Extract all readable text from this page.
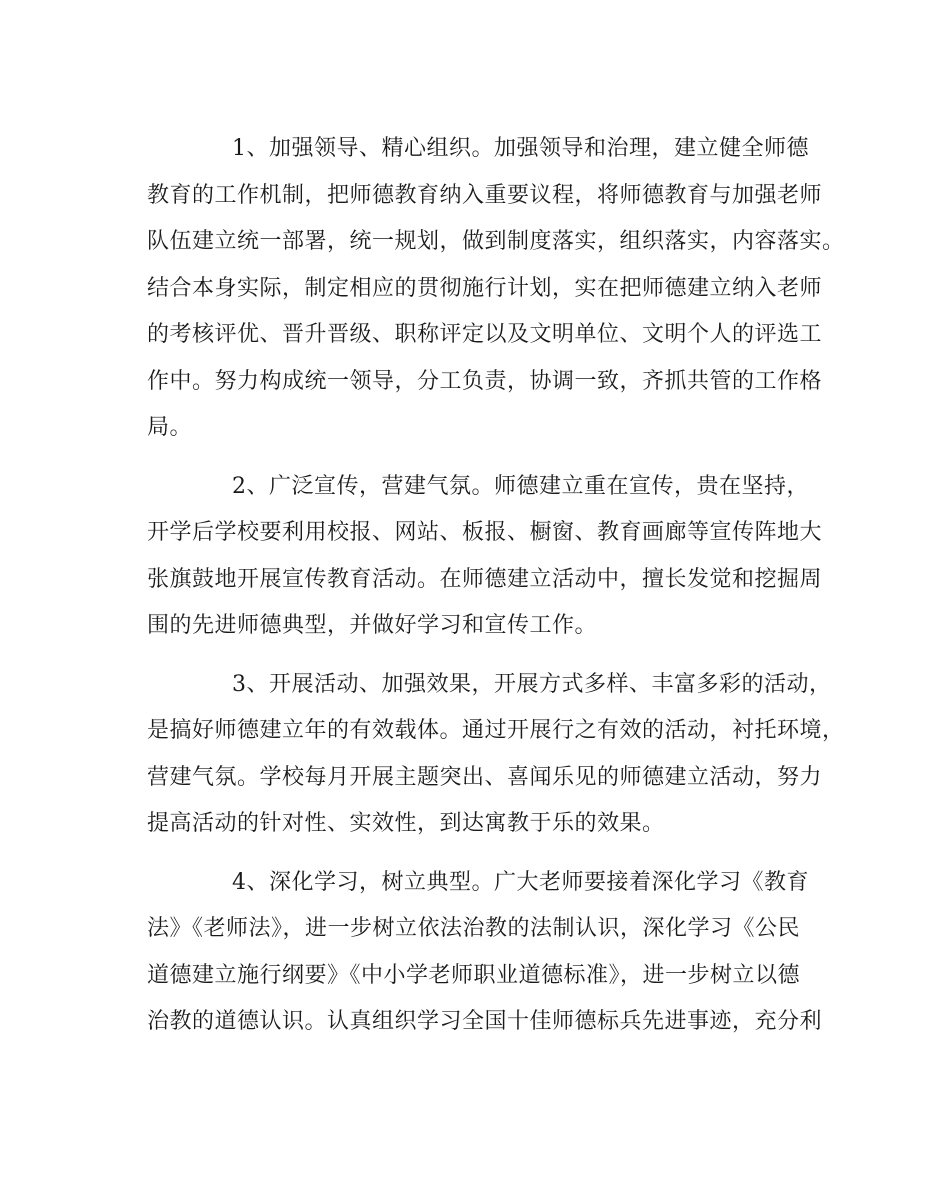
1、加强领导、精心组织。加强领导和治理，建立健全师德
教育的工作机制，把师德教育纳入重要议程，将师德教育与加强老师
队伍建立统一部署，统一规划，做到制度落实，组织落实，内容落实。
结合本身实际，制定相应的贯彻施行计划，实在把师德建立纳入老师
的考核评优、晋升晋级、职称评定以及文明单位、文明个人的评选工
作中。努力构成统一领导，分工负责，协调一致，齐抓共管的工作格
局。
2、广泛宣传，营建气氛。师德建立重在宣传，贵在坚持，
开学后学校要利用校报、网站、板报、橱窗、教育画廊等宣传阵地大
张旗鼓地开展宣传教育活动。在师德建立活动中，擅长发觉和挖掘周
围的先进师德典型，并做好学习和宣传工作。
3、开展活动、加强效果，开展方式多样、丰富多彩的活动，
是搞好师德建立年的有效载体。通过开展行之有效的活动，衬托环境，
营建气氛。学校每月开展主题突出、喜闻乐见的师德建立活动，努力
提高活动的针对性、实效性，到达寓教于乐的效果。
4、深化学习，树立典型。广大老师要接着深化学习《教育
法》《老师法》，进一步树立依法治教的法制认识，深化学习《公民
道德建立施行纲要》《中小学老师职业道德标准》，进一步树立以德
治教的道德认识。认真组织学习全国十佳师德标兵先进事迹，充分利
